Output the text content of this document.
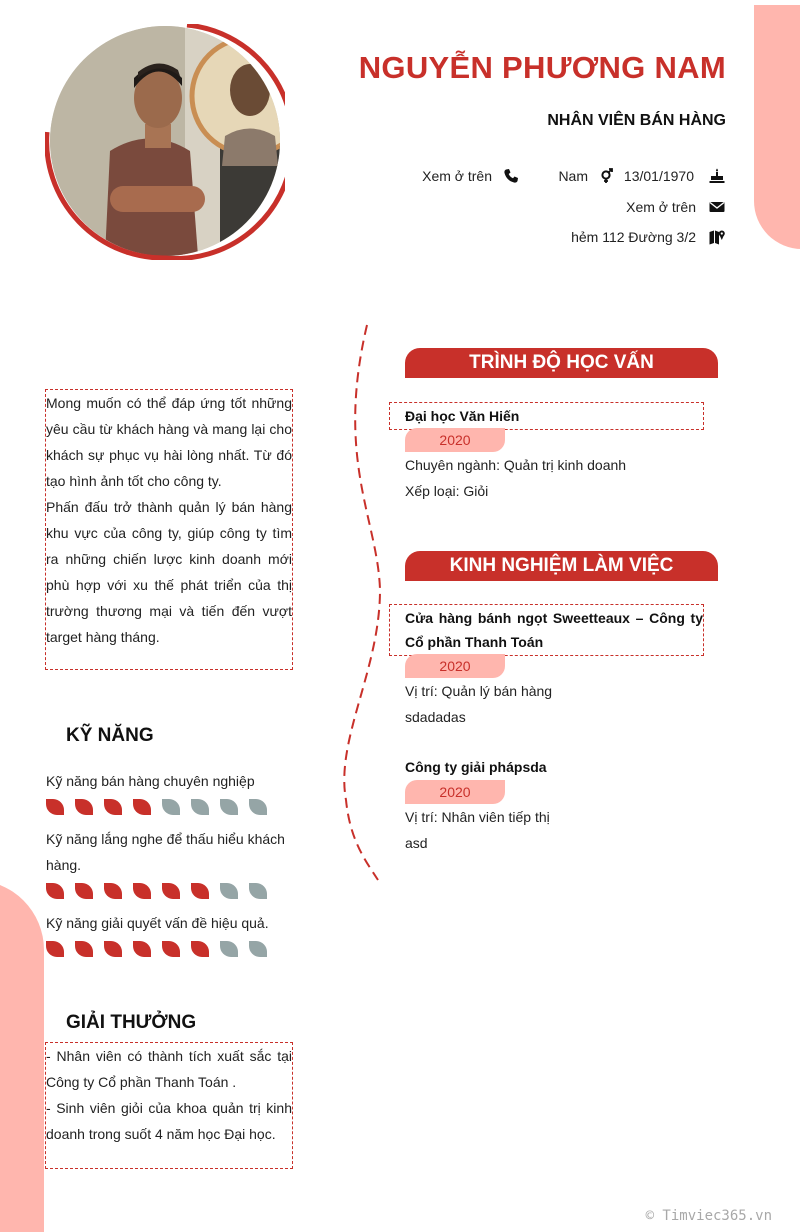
NGUYỄN PHƯƠNG NAM
NHÂN VIÊN BÁN HÀNG
Xem ở trên	Nam	13/01/1970
Xem ở trên
hẻm 112 Đường 3/2

Mong muốn có thể đáp ứng tốt những yêu cầu từ khách hàng và mang lại cho khách sự phục vụ hài lòng nhất. Từ đó tạo hình ảnh tốt cho công ty.

Phấn đấu trở thành quản lý bán hàng khu vực của công ty, giúp công ty tìm ra những chiến lược kinh doanh mới phù hợp với xu thế phát triển của thị trường thương mại và tiến đến vượt target hàng tháng.

KỸ NĂNG
Kỹ năng bán hàng chuyên nghiệp
Kỹ năng lắng nghe để thấu hiểu khách hàng.
Kỹ năng giải quyết vấn đề hiệu quả.
GIẢI THƯỞNG

- Nhân viên có thành tích xuất sắc tại Công ty Cổ phần Thanh Toán .

- Sinh viên giỏi của khoa quản trị kinh doanh trong suốt 4 năm học Đại học.

TRÌNH ĐỘ HỌC VẤN
Đại học Văn Hiến
2020
Chuyên ngành: Quản trị kinh doanh
Xếp loại: Giỏi
KINH NGHIỆM LÀM VIỆC
Cửa hàng bánh ngọt Sweetteaux – Công ty Cổ phần Thanh Toán
2020
Vị trí: Quản lý bán hàng
sdadadas
Công ty giải phápsda
2020
Vị trí: Nhân viên tiếp thị
asd
© Timviec365.vn
